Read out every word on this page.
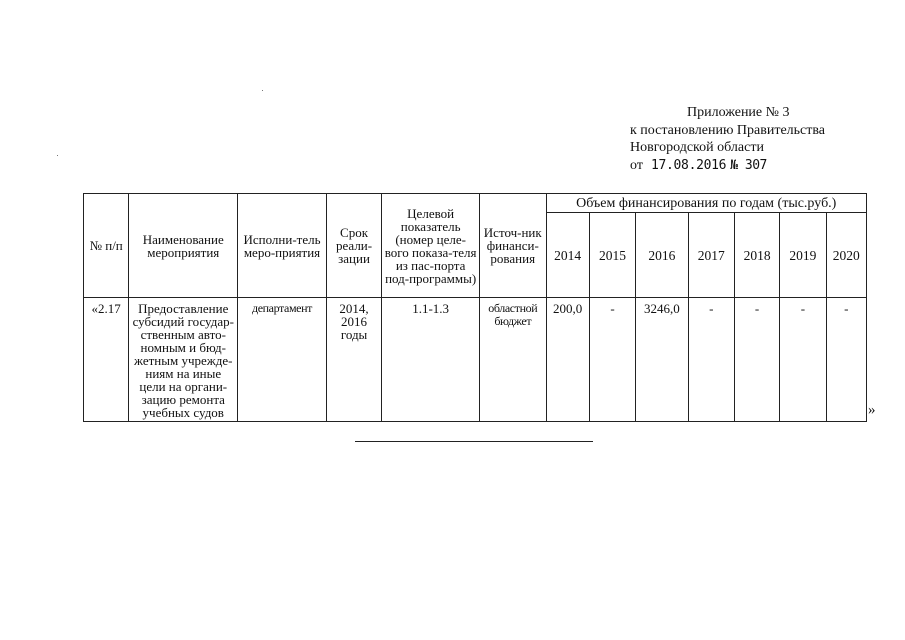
Приложение № 3
к постановлению Правительства
Новгородской области
от 17.08.2016 № 307
№ п/п	Наименование мероприятия	Исполни-тель меро-приятия	Срок реали-зации	Целевой показатель (номер целе-вого показа-теля из пас-порта под-программы)	Источ-ник финанси-рования	Объем финансирования по годам (тыс.руб.)						
						2014	2015	2016	2017	2018	2019	2020
«2.17	Предоставление субсидий государ-ственным авто-номным и бюд-жетным учрежде-ниям на иные цели на органи-зацию ремонта учебных судов	департамент	2014, 2016 годы	1.1-1.3	областной бюджет	200,0	-	3246,0	-	-	-	-
»
